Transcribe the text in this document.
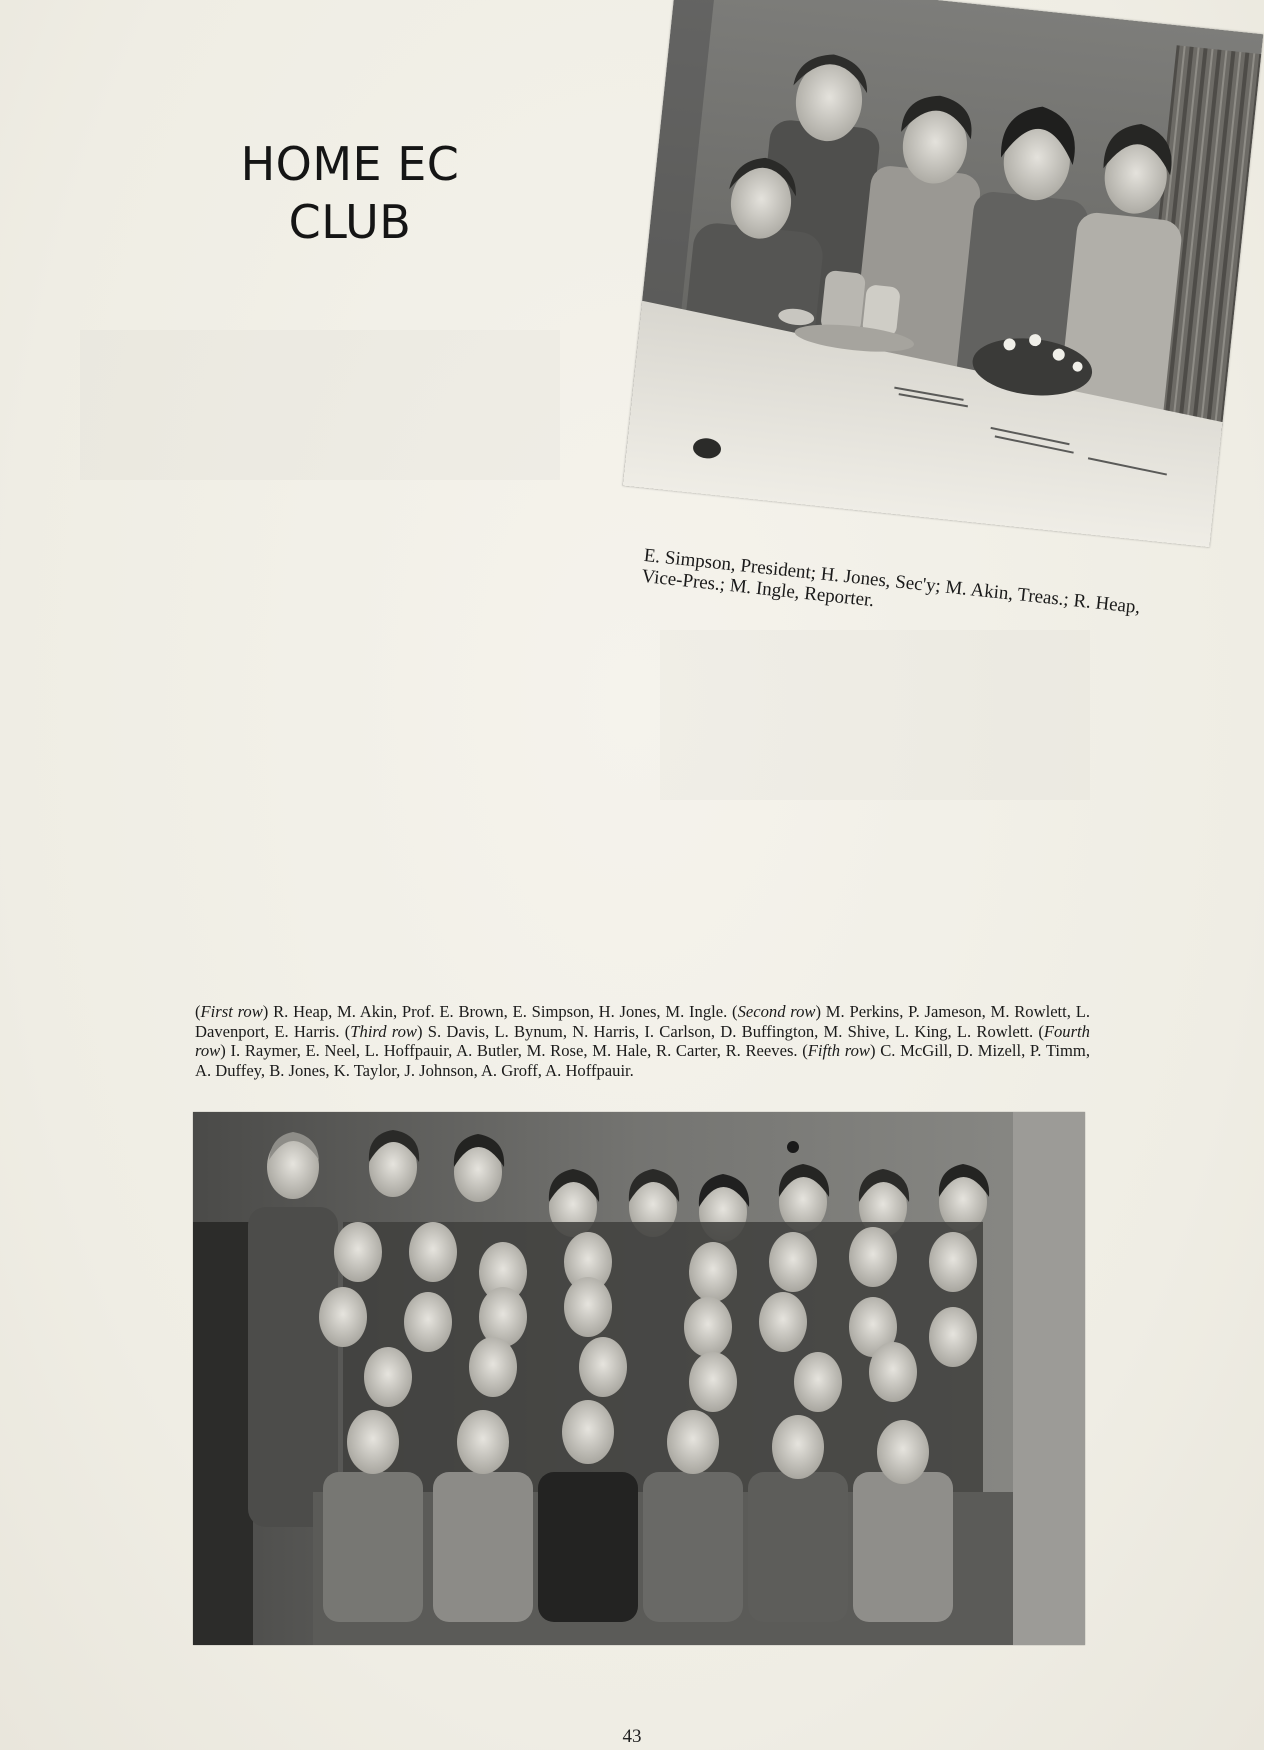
HOME EC
CLUB
E. Simpson, President; H. Jones, Sec'y; M. Akin, Treas.; R. Heap, Vice-Pres.; M. Ingle, Reporter.
(First row) R. Heap, M. Akin, Prof. E. Brown, E. Simpson, H. Jones, M. Ingle. (Second row) M. Perkins, P. Jameson, M. Rowlett, L. Davenport, E. Harris. (Third row) S. Davis, L. Bynum, N. Harris, I. Carlson, D. Buffington, M. Shive, L. King, L. Rowlett. (Fourth row) I. Raymer, E. Neel, L. Hoffpauir, A. Butler, M. Rose, M. Hale, R. Carter, R. Reeves. (Fifth row) C. McGill, D. Mizell, P. Timm, A. Duffey, B. Jones, K. Taylor, J. Johnson, A. Groff, A. Hoffpauir.
43
